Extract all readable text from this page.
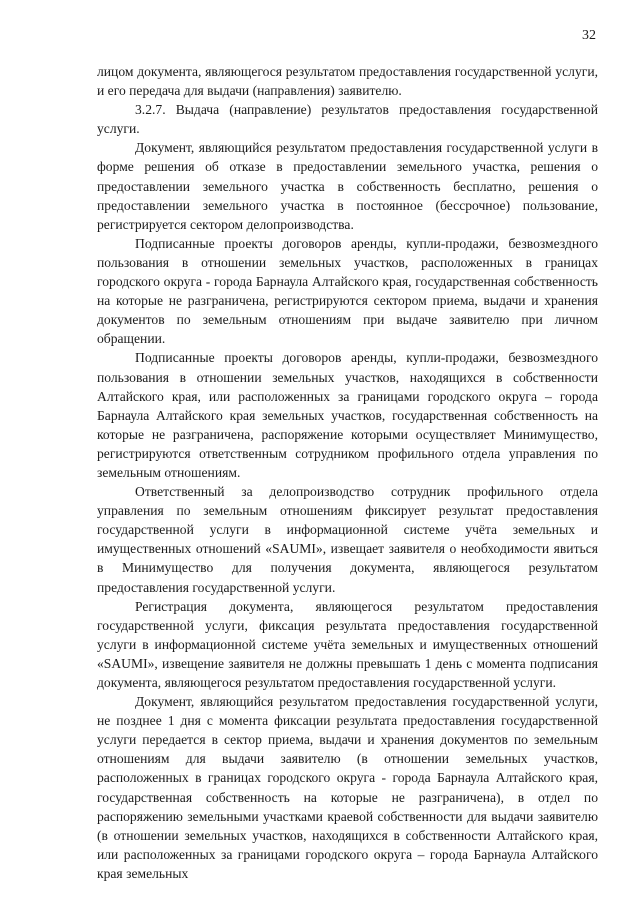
32

лицом документа, являющегося результатом предоставления государственной услуги, и его передача для выдачи (направления) заявителю.

3.2.7. Выдача (направление) результатов предоставления государственной услуги.

Документ, являющийся результатом предоставления государственной услуги в форме решения об отказе в предоставлении земельного участка, решения о предоставлении земельного участка в собственность бесплатно, решения о предоставлении земельного участка в постоянное (бессрочное) пользование, регистрируется сектором делопроизводства.

Подписанные проекты договоров аренды, купли-продажи, безвозмездного пользования в отношении земельных участков, расположенных в границах городского округа - города Барнаула Алтайского края, государственная собственность на которые не разграничена, регистрируются сектором приема, выдачи и хранения документов по земельным отношениям при выдаче заявителю при личном обращении.

Подписанные проекты договоров аренды, купли-продажи, безвозмездного пользования в отношении земельных участков, находящихся в собственности Алтайского края, или расположенных за границами городского округа – города Барнаула Алтайского края земельных участков, государственная собственность на которые не разграничена, распоряжение которыми осуществляет Минимущество, регистрируются ответственным сотрудником профильного отдела управления по земельным отношениям.

Ответственный за делопроизводство сотрудник профильного отдела управления по земельным отношениям фиксирует результат предоставления государственной услуги в информационной системе учёта земельных и имущественных отношений «SAUMI», извещает заявителя о необходимости явиться в Минимущество для получения документа, являющегося результатом предоставления государственной услуги.

Регистрация документа, являющегося результатом предоставления государственной услуги, фиксация результата предоставления государственной услуги в информационной системе учёта земельных и имущественных отношений «SAUMI», извещение заявителя не должны превышать 1 день с момента подписания документа, являющегося результатом предоставления государственной услуги.

Документ, являющийся результатом предоставления государственной услуги, не позднее 1 дня с момента фиксации результата предоставления государственной услуги передается в сектор приема, выдачи и хранения документов по земельным отношениям для выдачи заявителю (в отношении земельных участков, расположенных в границах городского округа - города Барнаула Алтайского края, государственная собственность на которые не разграничена), в отдел по распоряжению земельными участками краевой собственности для выдачи заявителю (в отношении земельных участков, находящихся в собственности Алтайского края, или расположенных за границами городского округа – города Барнаула Алтайского края земельных
